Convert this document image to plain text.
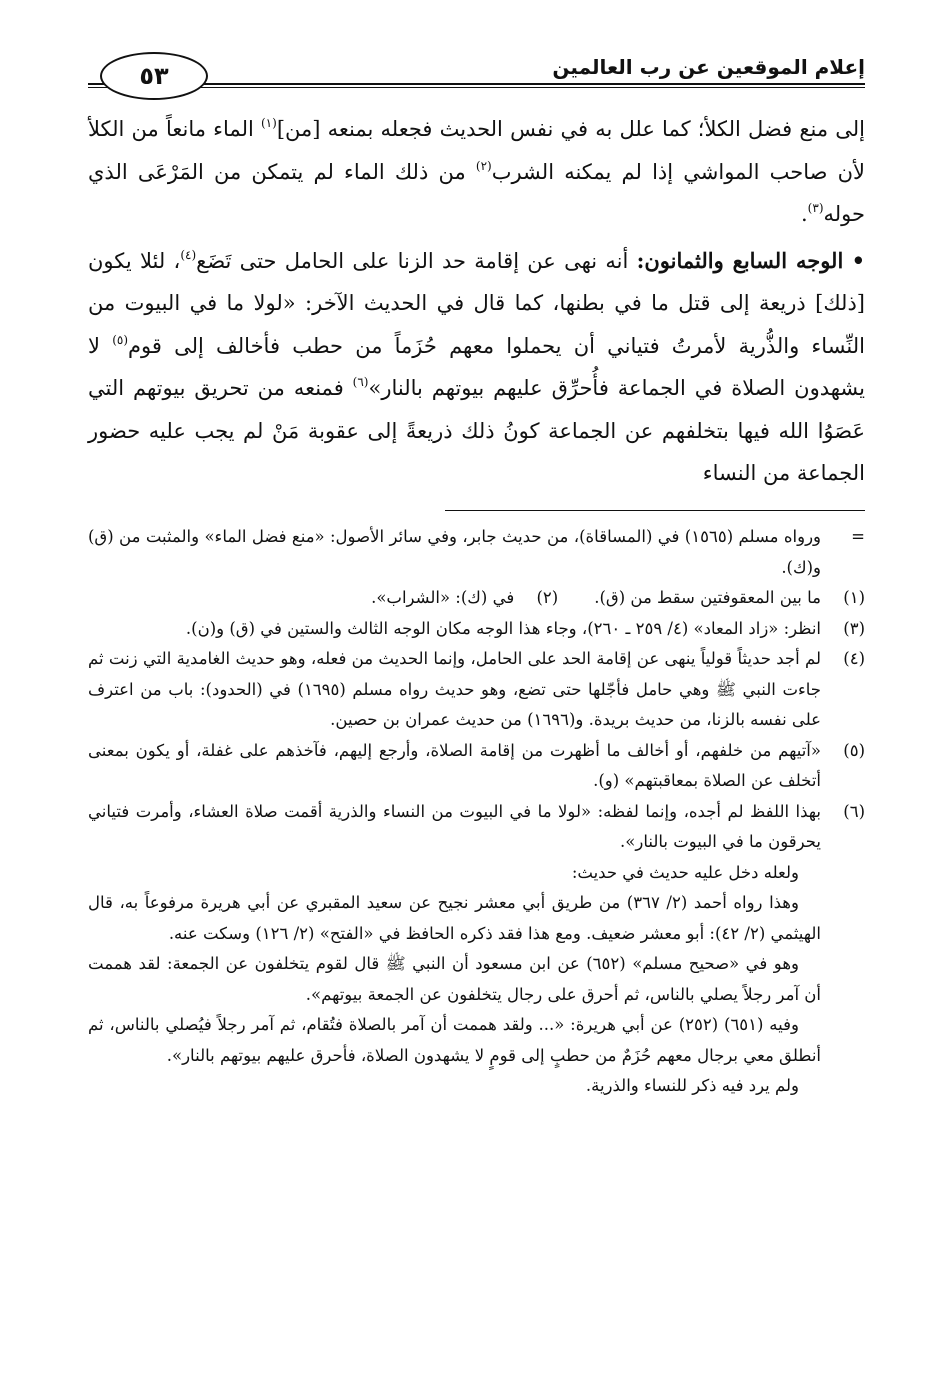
إعلام الموقعين عن رب العالمين
٥٣

إلى منع فضل الكلأ؛ كما علل به في نفس الحديث فجعله بمنعه [من]$^{(١)}$ الماء مانعاً من الكلأ لأن صاحب المواشي إذا لم يمكنه الشرب$^{(٢)}$ من ذلك الماء لم يتمكن من المَرْعَى الذي حوله$^{(٣)}$.

• الوجه السابع والثمانون: أنه نهى عن إقامة حد الزنا على الحامل حتى تَضَع$^{(٤)}$، لئلا يكون [ذلك] ذريعة إلى قتل ما في بطنها، كما قال في الحديث الآخر: «لولا ما في البيوت من النِّساء والذُّرية لأمرتُ فتياني أن يحملوا معهم حُزَماً من حطب فأخالف إلى قوم$^{(٥)}$ لا يشهدون الصلاة في الجماعة فأُحرِّق عليهم بيوتهم بالنار»$^{(٦)}$ فمنعه من تحريق بيوتهم التي عَصَوُا الله فيها بتخلفهم عن الجماعة كونُ ذلك ذريعةً إلى عقوبة مَنْ لم يجب عليه حضور الجماعة من النساء

=
ورواه مسلم (١٥٦٥) في (المساقاة)، من حديث جابر، وفي سائر الأصول: «منع فضل الماء» والمثبت من (ق) و(ك).
(١)
ما بين المعقوفتين سقط من (ق).
(٢)
في (ك): «الشراب».
(٣)
انظر: «زاد المعاد» (٤/ ٢٥٩ ـ ٢٦٠)، وجاء هذا الوجه مكان الوجه الثالث والستين في (ق) و(ن).
(٤)
لم أجد حديثاً قولياً ينهى عن إقامة الحد على الحامل، وإنما الحديث من فعله، وهو حديث الغامدية التي زنت ثم جاءت النبي ﷺ وهي حامل فأجّلها حتى تضع، وهو حديث رواه مسلم (١٦٩٥) في (الحدود): باب من اعترف على نفسه بالزنا، من حديث بريدة. و(١٦٩٦) من حديث عمران بن حصين.
(٥)
«آتيهم من خلفهم، أو أخالف ما أظهرت من إقامة الصلاة، وأرجع إليهم، فآخذهم على غفلة، أو يكون بمعنى أتخلف عن الصلاة بمعاقبتهم» (و).
(٦)
بهذا اللفظ لم أجده، وإنما لفظه: «لولا ما في البيوت من النساء والذرية أقمت صلاة العشاء، وأمرت فتياني يحرقون ما في البيوت بالنار».

ولعله دخل عليه حديث في حديث:

وهذا رواه أحمد (٢/ ٣٦٧) من طريق أبي معشر نجيح عن سعيد المقبري عن أبي هريرة مرفوعاً به، قال الهيثمي (٢/ ٤٢): أبو معشر ضعيف. ومع هذا فقد ذكره الحافظ في «الفتح» (٢/ ١٢٦) وسكت عنه.

وهو في «صحيح مسلم» (٦٥٢) عن ابن مسعود أن النبي ﷺ قال لقوم يتخلفون عن الجمعة: لقد هممت أن آمر رجلاً يصلي بالناس، ثم أحرق على رجال يتخلفون عن الجمعة بيوتهم».

وفيه (٦٥١) (٢٥٢) عن أبي هريرة: «... ولقد هممت أن آمر بالصلاة فتُقام، ثم آمر رجلاً فيُصلي بالناس، ثم أنطلق معي برجال معهم حُزَمٌ من حطبٍ إلى قومٍ لا يشهدون الصلاة، فأحرق عليهم بيوتهم بالنار».

ولم يرد فيه ذكر للنساء والذرية.
